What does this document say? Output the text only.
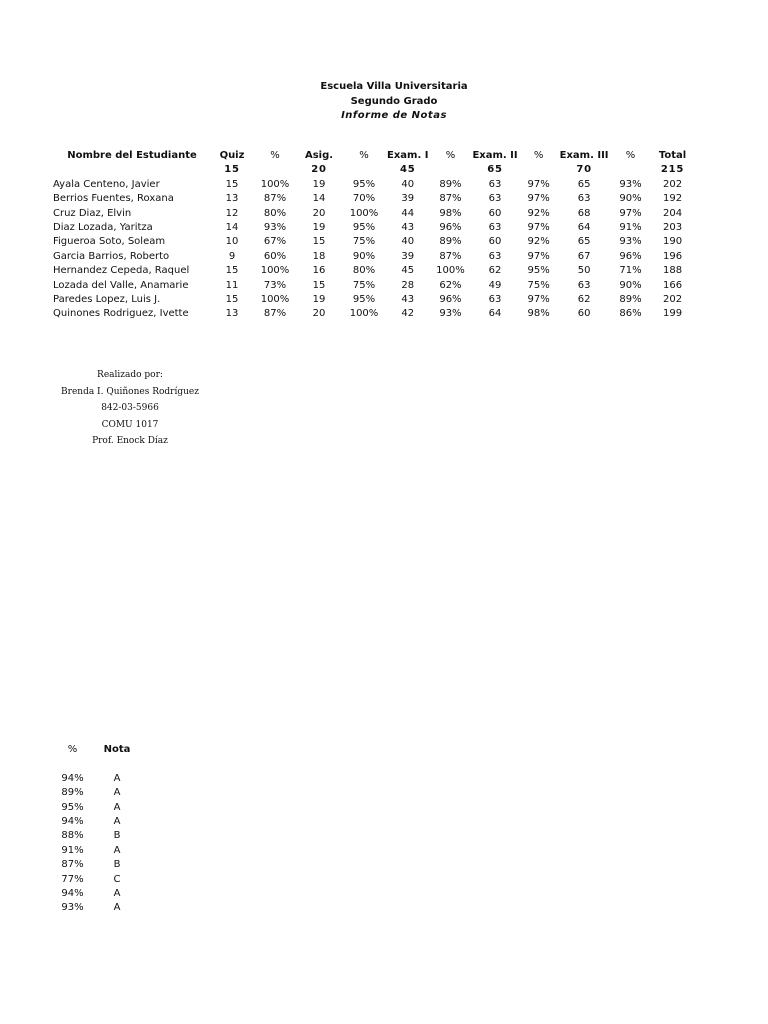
Escuela Villa Universitaria
Segundo Grado
Informe de Notas
Nombre del Estudiante	Quiz	%	Asig.	%	Exam. I	%	Exam. II	%	Exam. III	%	Total
	15		20		45		65		70		215
Ayala Centeno, Javier	15	100%	19	95%	40	89%	63	97%	65	93%	202
Berrios Fuentes, Roxana	13	87%	14	70%	39	87%	63	97%	63	90%	192
Cruz Diaz, Elvin	12	80%	20	100%	44	98%	60	92%	68	97%	204
Diaz Lozada, Yaritza	14	93%	19	95%	43	96%	63	97%	64	91%	203
Figueroa Soto, Soleam	10	67%	15	75%	40	89%	60	92%	65	93%	190
Garcia Barrios, Roberto	9	60%	18	90%	39	87%	63	97%	67	96%	196
Hernandez Cepeda, Raquel	15	100%	16	80%	45	100%	62	95%	50	71%	188
Lozada del Valle, Anamarie	11	73%	15	75%	28	62%	49	75%	63	90%	166
Paredes Lopez, Luis J.	15	100%	19	95%	43	96%	63	97%	62	89%	202
Quinones Rodriguez, Ivette	13	87%	20	100%	42	93%	64	98%	60	86%	199
Realizado por:
Brenda I. Quiñones Rodríguez
842-03-5966
COMU 1017
Prof. Enock Díaz
%	Nota

94%	A
89%	A
95%	A
94%	A
88%	B
91%	A
87%	B
77%	C
94%	A
93%	A
